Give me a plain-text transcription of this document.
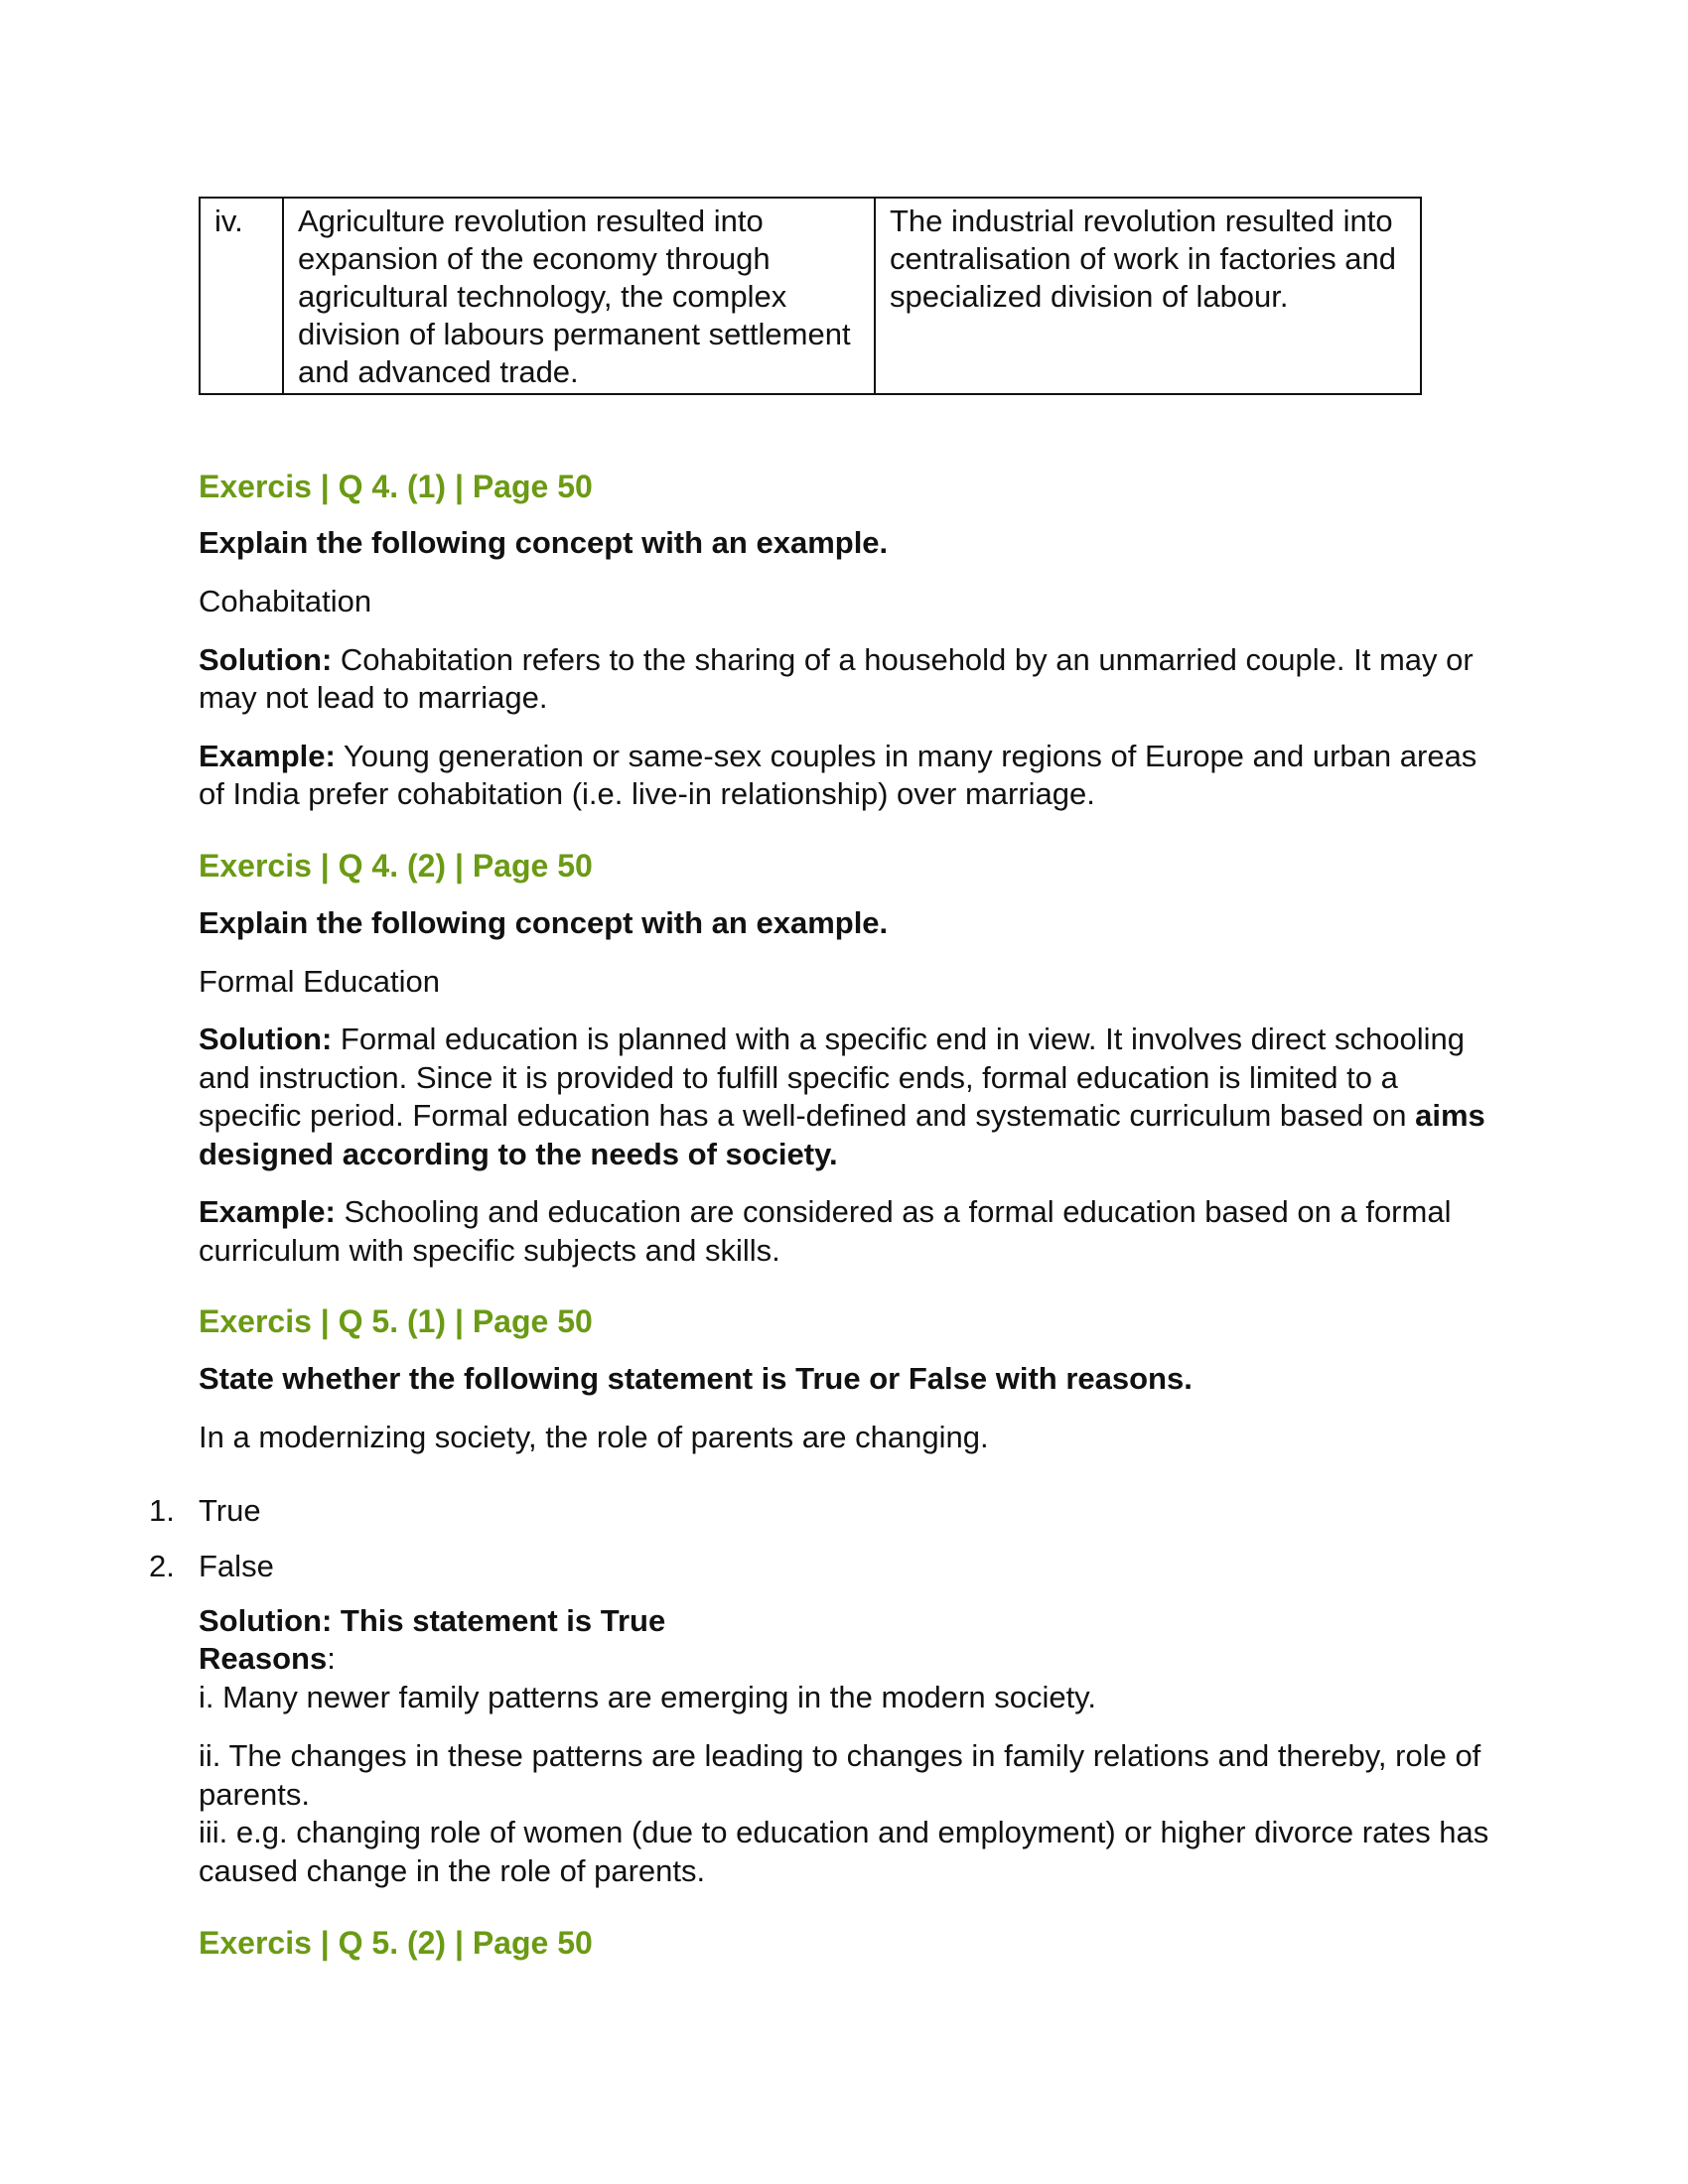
iv.	Agriculture revolution resulted into expansion of the economy through agricultural technology, the complex division of labours permanent settlement and advanced trade.	The industrial revolution resulted into centralisation of work in factories and specialized division of labour.

Exercis | Q 4. (1) | Page 50

Explain the following concept with an example.

Cohabitation

Solution: Cohabitation refers to the sharing of a household by an unmarried couple. It may or may not lead to marriage.

Example: Young generation or same-sex couples in many regions of Europe and urban areas of India prefer cohabitation (i.e. live-in relationship) over marriage.

Exercis | Q 4. (2) | Page 50

Explain the following concept with an example.

Formal Education

Solution: Formal education is planned with a specific end in view. It involves direct schooling and instruction. Since it is provided to fulfill specific ends, formal education is limited to a specific period. Formal education has a well-defined and systematic curriculum based on aims designed according to the needs of society.

Example: Schooling and education are considered as a formal education based on a formal curriculum with specific subjects and skills.

Exercis | Q 5. (1) | Page 50

State whether the following statement is True or False with reasons.

In a modernizing society, the role of parents are changing.

1. True
2. False

Solution: This statement is True

Reasons:

i. Many newer family patterns are emerging in the modern society.

ii. The changes in these patterns are leading to changes in family relations and thereby, role of parents.

iii. e.g. changing role of women (due to education and employment) or higher divorce rates has caused change in the role of parents.

Exercis | Q 5. (2) | Page 50
